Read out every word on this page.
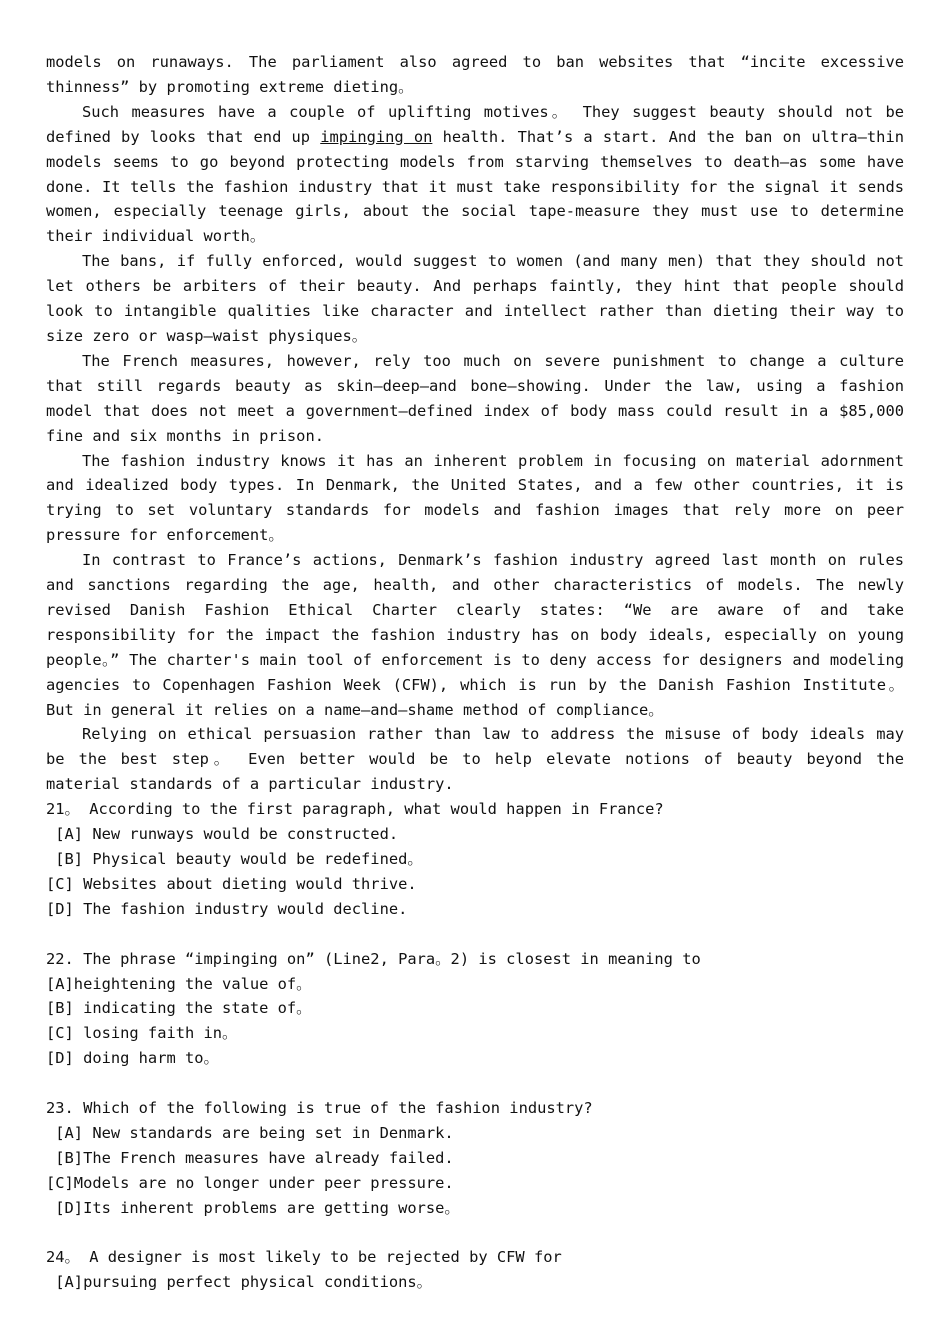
models on runaways. The parliament also agreed to ban websites that “incite excessive thinness” by promoting extreme dieting。

Such measures have a couple of uplifting motives。 They suggest beauty should not be defined by looks that end up impinging on health. That’s a start. And the ban on ultra—thin models seems to go beyond protecting models from starving themselves to death—as some have done. It tells the fashion industry that it must take responsibility for the signal it sends women, especially teenage girls, about the social tape-measure they must use to determine their individual worth。

The bans, if fully enforced, would suggest to women (and many men) that they should not let others be arbiters of their beauty. And perhaps faintly, they hint that people should look to intangible qualities like character and intellect rather than dieting their way to size zero or wasp—waist physiques。

The French measures, however, rely too much on severe punishment to change a culture that still regards beauty as skin—deep—and bone—showing. Under the law, using a fashion model that does not meet a government—defined index of body mass could result in a $85,000 fine and six months in prison.

The fashion industry knows it has an inherent problem in focusing on material adornment and idealized body types. In Denmark, the United States, and a few other countries, it is trying to set voluntary standards for models and fashion images that rely more on peer pressure for enforcement。

In contrast to France’s actions, Denmark’s fashion industry agreed last month on rules and sanctions regarding the age, health, and other characteristics of models. The newly revised Danish Fashion Ethical Charter clearly states: “We are aware of and take responsibility for the impact the fashion industry has on body ideals, especially on young people。” The charter's main tool of enforcement is to deny access for designers and modeling agencies to Copenhagen Fashion Week (CFW), which is run by the Danish Fashion Institute。 But in general it relies on a name—and—shame method of compliance。

Relying on ethical persuasion rather than law to address the misuse of body ideals may be the best step。 Even better would be to help elevate notions of beauty beyond the material standards of a particular industry.

21。 According to the first paragraph, what would happen in France?

[A] New runways would be constructed.

[B] Physical beauty would be redefined。

[C] Websites about dieting would thrive.

[D] The fashion industry would decline.

22. The phrase “impinging on” (Line2, Para。2) is closest in meaning to

[A]heightening the value of。

[B] indicating the state of。

[C] losing faith in。

[D] doing harm to。

23. Which of the following is true of the fashion industry?

[A] New standards are being set in Denmark.

[B]The French measures have already failed.

[C]Models are no longer under peer pressure.

[D]Its inherent problems are getting worse。

24。 A designer is most likely to be rejected by CFW for

[A]pursuing perfect physical conditions。
